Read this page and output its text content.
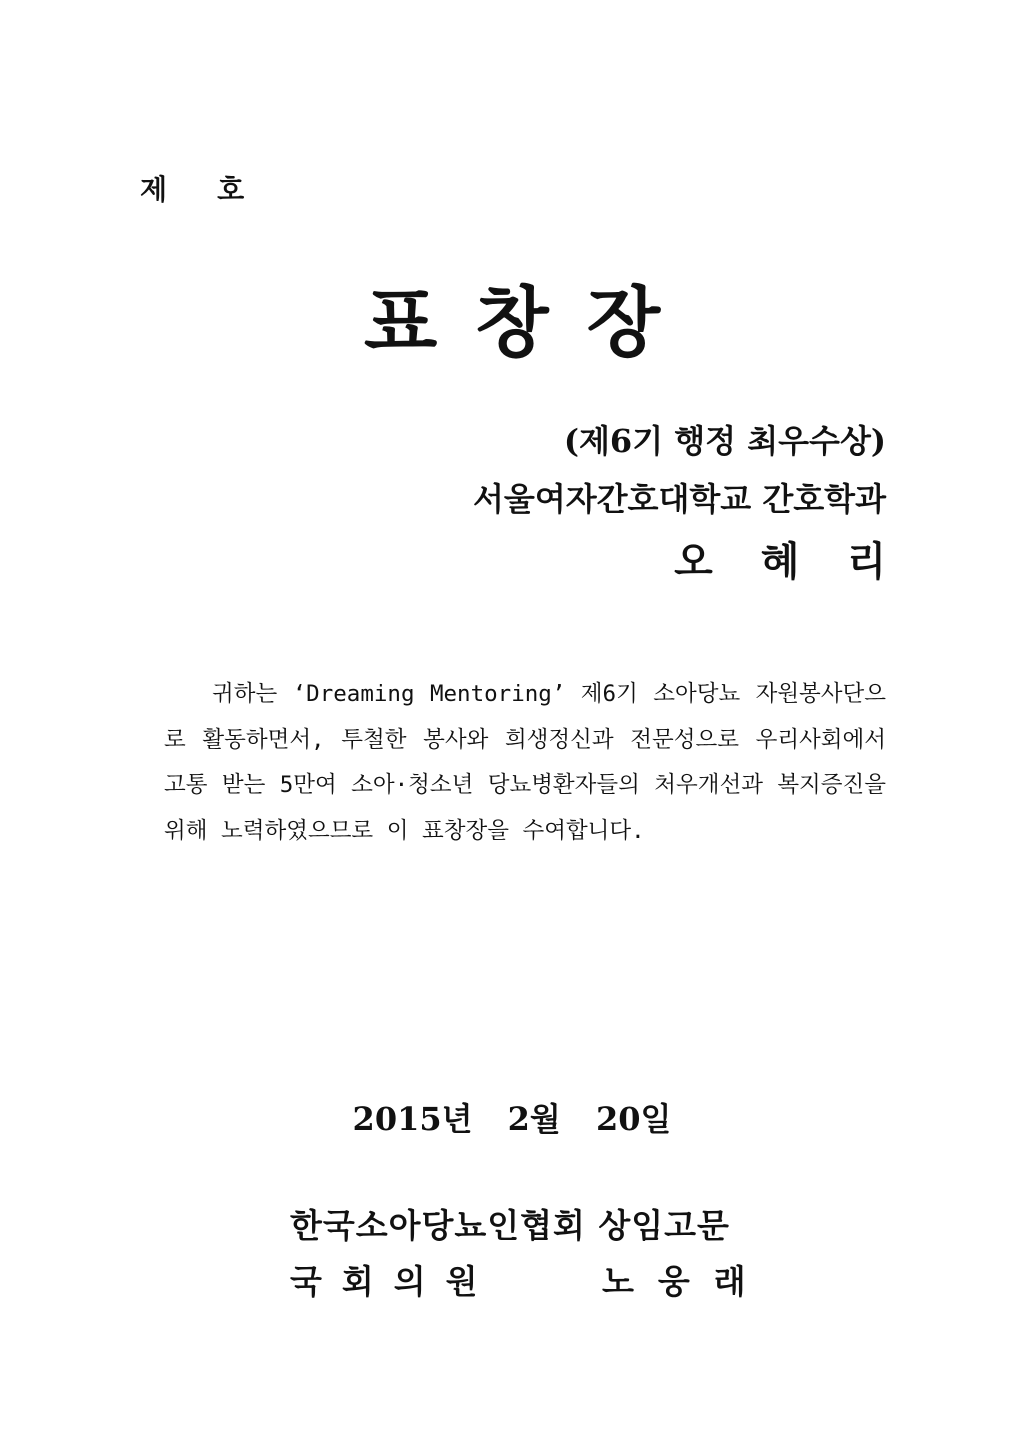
제 호
표창장
(제6기 행정 최우수상)
서울여자간호대학교 간호학과
오혜리
귀하는 ‘Dreaming Mentoring’ 제6기 소아당뇨 자원봉사단으로 활동하면서, 투철한 봉사와 희생정신과 전문성으로 우리사회에서 고통 받는 5만여 소아·청소년 당뇨병환자들의 처우개선과 복지증진을 위해 노력하였으므로 이 표창장을 수여합니다.
2015년 2월 20일
한국소아당뇨인협회 상임고문
국회의원	노웅래
